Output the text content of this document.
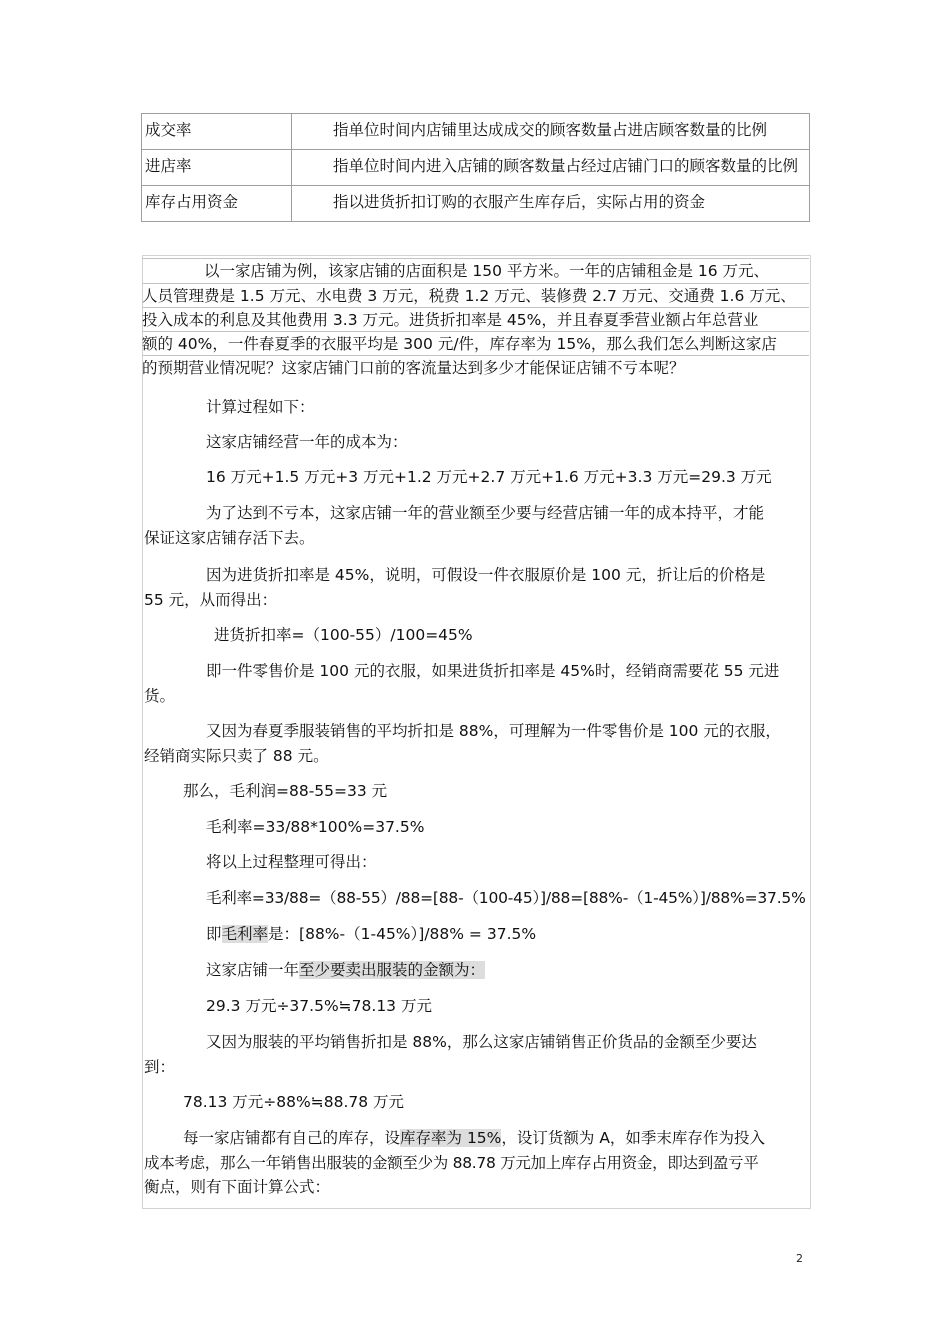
成交率	指单位时间内店铺里达成成交的顾客数量占进店顾客数量的比例
进店率	指单位时间内进入店铺的顾客数量占经过店铺门口的顾客数量的比例
库存占用资金	指以进货折扣订购的衣服产生库存后，实际占用的资金
以一家店铺为例，该家店铺的店面积是 150 平方米。一年的店铺租金是 16 万元、
人员管理费是 1.5 万元、水电费 3 万元，税费 1.2 万元、装修费 2.7 万元、交通费 1.6 万元、
投入成本的利息及其他费用 3.3 万元。进货折扣率是 45%，并且春夏季营业额占年总营业
额的 40%，一件春夏季的衣服平均是 300 元/件，库存率为 15%，那么我们怎么判断这家店
的预期营业情况呢？这家店铺门口前的客流量达到多少才能保证店铺不亏本呢？
计算过程如下：
这家店铺经营一年的成本为：
16 万元+1.5 万元+3 万元+1.2 万元+2.7 万元+1.6 万元+3.3 万元=29.3 万元
为了达到不亏本，这家店铺一年的营业额至少要与经营店铺一年的成本持平，才能
保证这家店铺存活下去。
因为进货折扣率是 45%，说明，可假设一件衣服原价是 100 元，折让后的价格是
55 元，从而得出：
进货折扣率=（100-55）/100=45%
即一件零售价是 100 元的衣服，如果进货折扣率是 45%时，经销商需要花 55 元进
货。
又因为春夏季服装销售的平均折扣是 88%，可理解为一件零售价是 100 元的衣服，
经销商实际只卖了 88 元。
那么，毛利润=88-55=33 元
毛利率=33/88*100%=37.5%
将以上过程整理可得出：
毛利率=33/88=（88-55）/88=[88-（100-45）]/88=[88%-（1-45%）]/88%=37.5%
即毛利率是：[88%-（1-45%）]/88% = 37.5%
这家店铺一年至少要卖出服装的金额为：
29.3 万元÷37.5%≒78.13 万元
又因为服装的平均销售折扣是 88%，那么这家店铺销售正价货品的金额至少要达
到：
78.13 万元÷88%≒88.78 万元
每一家店铺都有自己的库存，设库存率为 15%，设订货额为 A，如季末库存作为投入
成本考虑，那么一年销售出服装的金额至少为 88.78 万元加上库存占用资金，即达到盈亏平
衡点，则有下面计算公式：
2
